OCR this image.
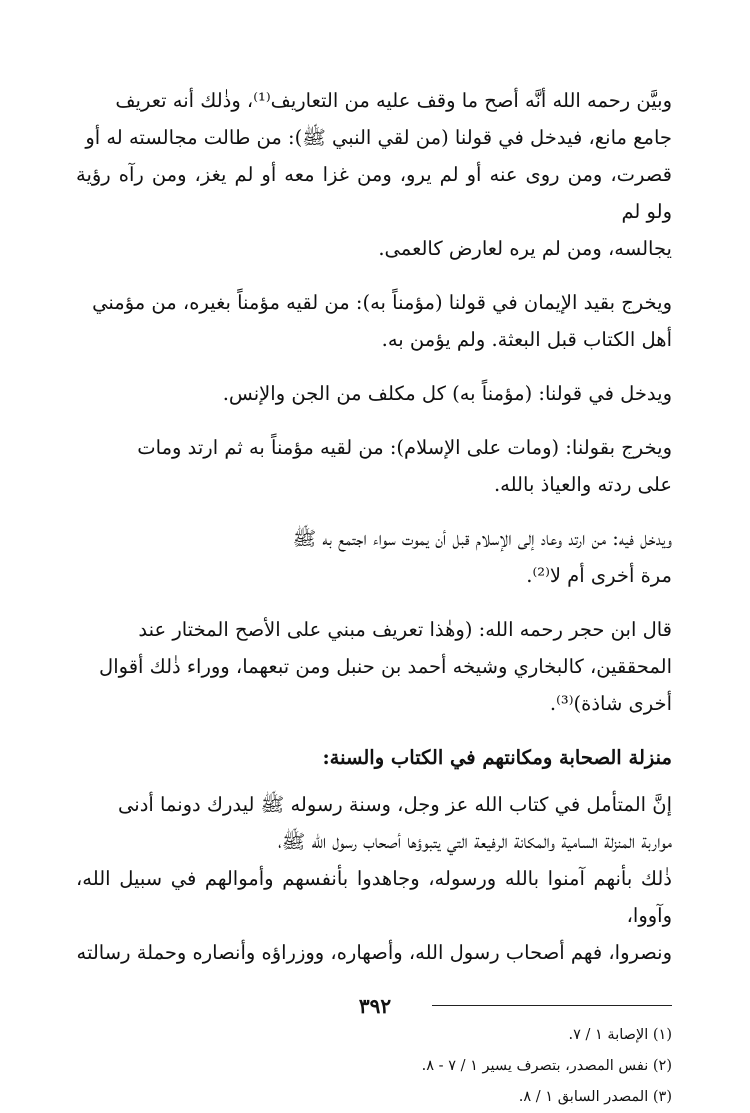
وبيَّن رحمه الله أنَّه أصح ما وقف عليه من التعاريف⁽¹⁾، وذٰلك أنه تعريف
جامع مانع، فيدخل في قولنا (من لقي النبي ﷺ): من طالت مجالسته له أو
قصرت، ومن روى عنه أو لم يرو، ومن غزا معه أو لم يغز، ومن رآه رؤية ولو لم
يجالسه، ومن لم يره لعارض كالعمى.

ويخرج بقيد الإيمان في قولنا (مؤمناً به): من لقيه مؤمناً بغيره، من مؤمني
أهل الكتاب قبل البعثة. ولم يؤمن به.

ويدخل في قولنا: (مؤمناً به) كل مكلف من الجن والإنس.

ويخرج بقولنا: (ومات على الإسلام): من لقيه مؤمناً به ثم ارتد ومات
على ردته والعياذ بالله.

ويدخل فيه: من ارتد وعاد إلى الإسلام قبل أن يموت سواء اجتمع به ﷺ
مرة أخرى أم لا⁽²⁾.

قال ابن حجر رحمه الله: (وهٰذا تعريف مبني على الأصح المختار عند
المحققين، كالبخاري وشيخه أحمد بن حنبل ومن تبعهما، ووراء ذٰلك أقوال
أخرى شاذة)⁽³⁾.

منزلة الصحابة ومكانتهم في الكتاب والسنة:

إنَّ المتأمل في كتاب الله عز وجل، وسنة رسوله ﷺ ليدرك دونما أدنى
مواربة المنزلة السامية والمكانة الرفيعة التي يتبوؤها أصحاب رسول الله ﷺ،
ذٰلك بأنهم آمنوا بالله ورسوله، وجاهدوا بأنفسهم وأموالهم في سبيل الله، وآووا،
ونصروا، فهم أصحاب رسول الله، وأصهاره، ووزراؤه وأنصاره وحملة رسالته

(١) الإصابة ١ / ٧.
(٢) نفس المصدر، بتصرف يسير ١ / ٧ - ٨.
(٣) المصدر السابق ١ / ٨.
٣٩٢
